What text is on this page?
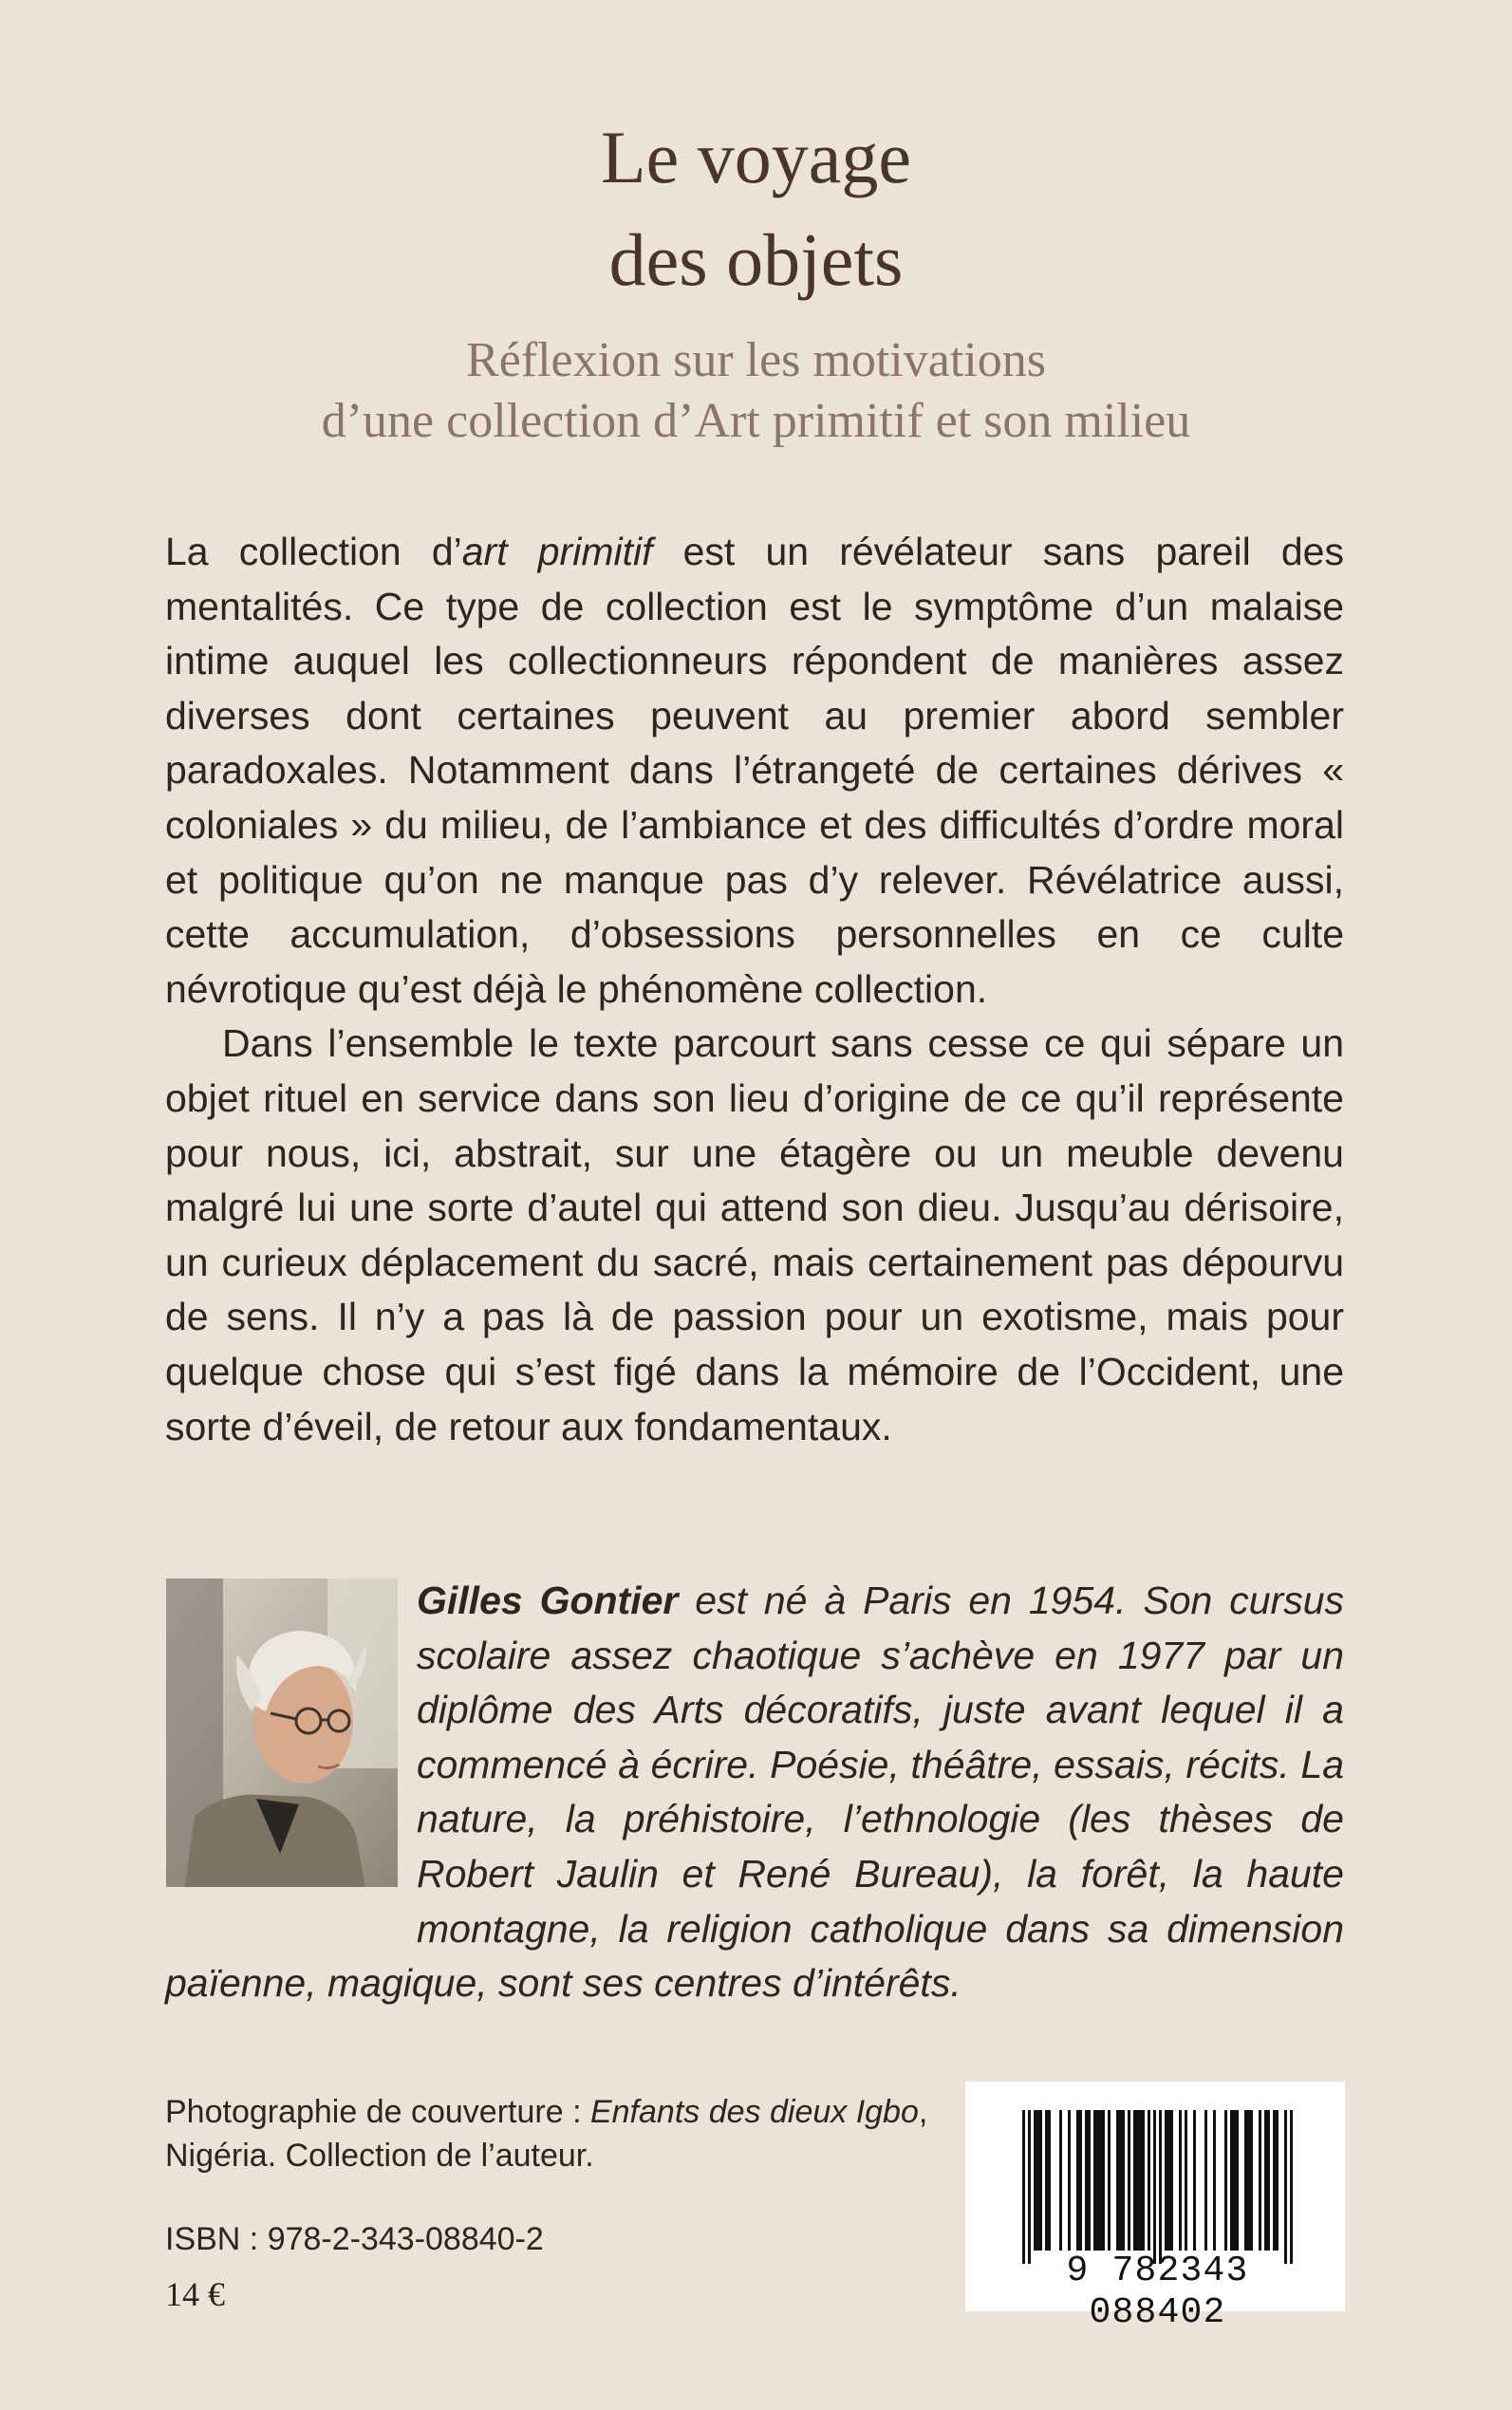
Le voyage
des objets
Réflexion sur les motivations
d’une collection d’Art primitif et son milieu

La collection d’art primitif est un révélateur sans pareil des mentalités. Ce type de collection est le symptôme d’un malaise intime auquel les collectionneurs répondent de manières assez diverses dont certaines peuvent au premier abord sembler paradoxales. Notamment dans l’étrangeté de certaines dérives « coloniales » du milieu, de l’ambiance et des difficultés d’ordre moral et politique qu’on ne manque pas d’y relever. Révélatrice aussi, cette accumulation, d’obsessions personnelles en ce culte névrotique qu’est déjà le phénomène collection.

Dans l’ensemble le texte parcourt sans cesse ce qui sépare un objet rituel en service dans son lieu d’origine de ce qu’il représente pour nous, ici, abstrait, sur une étagère ou un meuble devenu malgré lui une sorte d’autel qui attend son dieu. Jusqu’au dérisoire, un curieux déplacement du sacré, mais certainement pas dépourvu de sens. Il n’y a pas là de passion pour un exotisme, mais pour quelque chose qui s’est figé dans la mémoire de l’Occident, une sorte d’éveil, de retour aux fondamentaux.

Gilles Gontier est né à Paris en 1954. Son cursus scolaire assez chaotique s’achève en 1977 par un diplôme des Arts décoratifs, juste avant lequel il a commencé à écrire. Poésie, théâtre, essais, récits. La nature, la préhistoire, l’ethnologie (les thèses de Robert Jaulin et René Bureau), la forêt, la haute montagne, la religion catholique dans sa dimension païenne, magique, sont ses centres d’intérêts.

Photographie de couverture : Enfants des dieux Igbo,
Nigéria. Collection de l’auteur.
ISBN : 978-2-343-08840-2
14 €
9 782343 088402
